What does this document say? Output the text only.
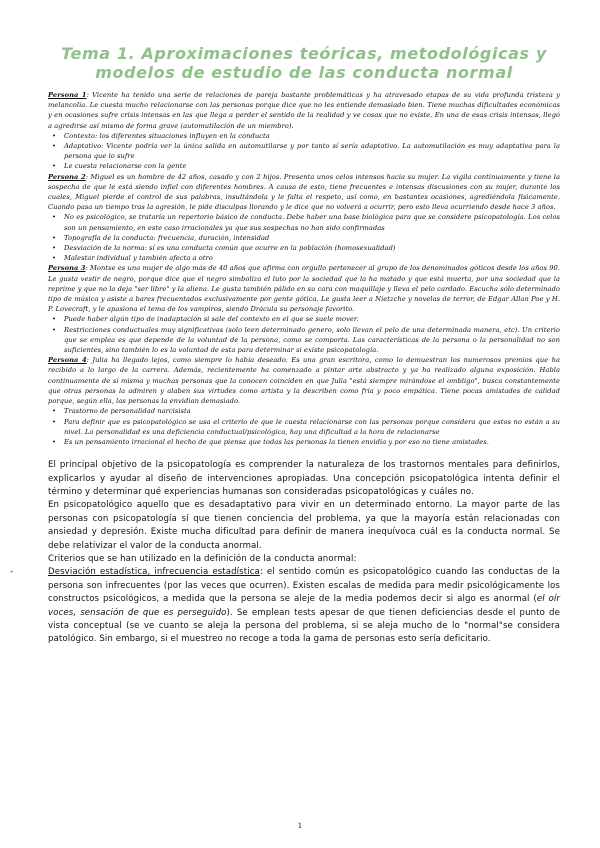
Tema 1. Aproximaciones teóricas, metodológicas y modelos de estudio de las conducta normal

Persona 1: Vicente ha tenido una serie de relaciones de pareja bastante problemáticas y ha atravesado etapas de su vida profunda tristeza y melancolía. Le cuesta mucho relacionarse con las personas porque dice que no les entiende demasiado bien. Tiene muchas dificultades económicas y en ocasiones sufre crisis intensas en las que llega a perder el sentido de la realidad y ve cosas que no existe. En una de esas crisis intensas, llegó a agredirse así mismo de forma grave (automutilación de un miembro).

• Contexto: los diferentes situaciones influyen en la conducta
• Adaptativo: Vicente podría ver la única salida en automutilarse y por tanto sí sería adaptativo. La automutilación es muy adaptativa para la persona que lo sufre
• Le cuesta relacionarse con la gente

Persona 2: Miguel es un hombre de 42 años, casado y con 2 hijos. Presenta unos celos intensos hacia su mujer. La vigila continuamente y tiene la sospecha de que le está siendo infiel con diferentes hombres. A causa de esto, tiene frecuentes e intensas discusiones con su mujer, durante los cuales, Miguel pierde el control de sus palabras, insultándola y le falta el respeto, así como, en bastantes ocasiones, agrediéndola físicamente. Cuando pasa un tiempo tras la agresión, le pide disculpas llorando y le dice que no volverá a ocurrir, pero esto lleva ocurriendo desde hace 3 años.

• No es psicológico, se trataría un repertorio básico de conducta. Debe haber una base biológica para que se considere psicopatología. Los celos son un pensamiento, en este caso irracionales ya que sus sospechas no han sido confirmadas
• Topografía de la conducta: frecuencia, duración, intensidad
• Desviación de la norma: sí es una conducta común que ocurre en la población (homosexualidad)
• Malestar individual y también afecta a otro

Persona 3: Montse es una mujer de algo más de 40 años que afirma con orgullo pertenecer al grupo de los denominados góticos desde los años 90. Le gusta vestir de negro, porque dice que el negro simboliza el luto por la sociedad que la ha matado y que está muerta, por una sociedad que la reprime y que no la deja "ser libre" y la aliena. Le gusta también pálido en su cara con maquillaje y lleva el pelo cardado. Escucha sólo determinado tipo de música y asiste a bares frecuentados exclusivamente por gente gótica. Le gusta leer a Nietzche y novelas de terror, de Edgar Allan Poe y H. P. Lovecraft, y le apasiona el tema de los vampiros, siendo Drácula su personaje favorito.

• Puede haber algún tipo de inadaptación si sale del contexto en el que se suele mover.
• Restricciones conductuales muy significativas (solo leen determinado genero, solo llevan el pelo de una determinada manera, etc). Un criterio que se emplea es que depende de la voluntad de la persona, como se comporta. Las características de la persona o la personalidad no son suficientes, sino también lo es la voluntad de esta para determinar si existe psicopatología.

Persona 4: Julia ha llegado lejos, como siempre lo había deseado. Es una gran escritora, como lo demuestran los numerosos premios que ha recibido a lo largo de la carrera. Además, recientemente ha comenzado a pintar arte abstracto y ya ha realizado alguna exposición. Habla continuamente de sí misma y muchas personas que la conocen coinciden en que Julia "está siempre mirándose el ombligo", busca constantemente que otras personas la admiren y alaben sus virtudes como artista y la describen como fría y poco empática. Tiene pocas amistades de calidad porque, según ella, las personas la envidian demasiado.

• Trastorno de personalidad narcisista
• Para definir que es psicopatológico se usa el criterio de que le cuesta relacionarse con las personas porque considera que estos no están a su nivel. La personalidad es una deficiencia conductual/psicológica, hay una dificultad a la hora de relacionarse
• Es un pensamiento irracional el hecho de que piensa que todas las personas la tienen envidia y por eso no tiene amistades.

El principal objetivo de la psicopatología es comprender la naturaleza de los trastornos mentales para definirlos, explicarlos y ayudar al diseño de intervenciones apropiadas. Una concepción psicopatológica intenta definir el término y determinar qué experiencias humanas son consideradas psicopatológicas y cuáles no.

En psicopatológico aquello que es desadaptativo para vivir en un determinado entorno. La mayor parte de las personas con psicopatología sí que tienen conciencia del problema, ya que la mayoría están relacionadas con ansiedad y depresión. Existe mucha dificultad para definir de manera inequívoca cuál es la conducta normal. Se debe relativizar el valor de la conducta anormal.

Criterios que se han utilizado en la definición de la conducta anormal:

-	Desviación estadística, infrecuencia estadística: el sentido común es psicopatológico cuando las conductas de la persona son infrecuentes (por las veces que ocurren). Existen escalas de medida para medir psicológicamente los constructos psicológicos, a medida que la persona se aleje de la media podemos decir si algo es anormal (el oír voces, sensación de que es perseguido). Se emplean tests apesar de que tienen deficiencias desde el punto de vista conceptual (se ve cuanto se aleja la persona del problema, si se aleja mucho de lo "normal"se considera patológico. Sin embargo, si el muestreo no recoge a toda la gama de personas esto sería deficitario.

1
